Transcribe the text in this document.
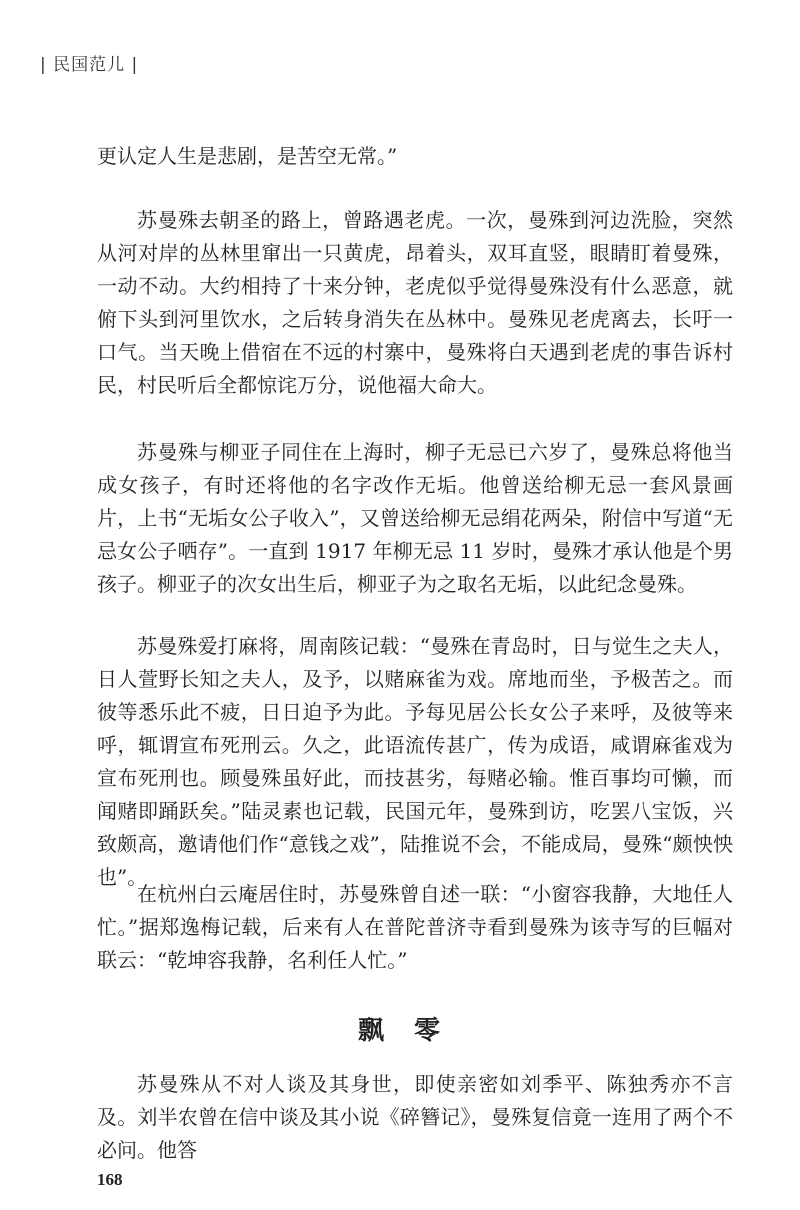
| 民国范儿 |

更认定人生是悲剧，是苦空无常。”

苏曼殊去朝圣的路上，曾路遇老虎。一次，曼殊到河边洗脸，突然从河对岸的丛林里窜出一只黄虎，昂着头，双耳直竖，眼睛盯着曼殊，一动不动。大约相持了十来分钟，老虎似乎觉得曼殊没有什么恶意，就俯下头到河里饮水，之后转身消失在丛林中。曼殊见老虎离去，长吁一口气。当天晚上借宿在不远的村寨中，曼殊将白天遇到老虎的事告诉村民，村民听后全都惊诧万分，说他福大命大。

苏曼殊与柳亚子同住在上海时，柳子无忌已六岁了，曼殊总将他当成女孩子，有时还将他的名字改作无垢。他曾送给柳无忌一套风景画片，上书“无垢女公子收入”，又曾送给柳无忌绢花两朵，附信中写道“无忌女公子哂存”。一直到 1917 年柳无忌 11 岁时，曼殊才承认他是个男孩子。柳亚子的次女出生后，柳亚子为之取名无垢，以此纪念曼殊。

苏曼殊爱打麻将，周南陔记载：“曼殊在青岛时，日与觉生之夫人，日人萱野长知之夫人，及予，以赌麻雀为戏。席地而坐，予极苦之。而彼等悉乐此不疲，日日迫予为此。予每见居公长女公子来呼，及彼等来呼，辄谓宣布死刑云。久之，此语流传甚广，传为成语，咸谓麻雀戏为宣布死刑也。顾曼殊虽好此，而技甚劣，每赌必输。惟百事均可懒，而闻赌即踊跃矣。”陆灵素也记载，民国元年，曼殊到访，吃罢八宝饭，兴致颇高，邀请他们作“意钱之戏”，陆推说不会，不能成局，曼殊“颇怏怏也”。

在杭州白云庵居住时，苏曼殊曾自述一联：“小窗容我静，大地任人忙。”据郑逸梅记载，后来有人在普陀普济寺看到曼殊为该寺写的巨幅对联云：“乾坤容我静，名利任人忙。”

飘　零

苏曼殊从不对人谈及其身世，即使亲密如刘季平、陈独秀亦不言及。刘半农曾在信中谈及其小说《碎簪记》，曼殊复信竟一连用了两个不必问。他答

168
